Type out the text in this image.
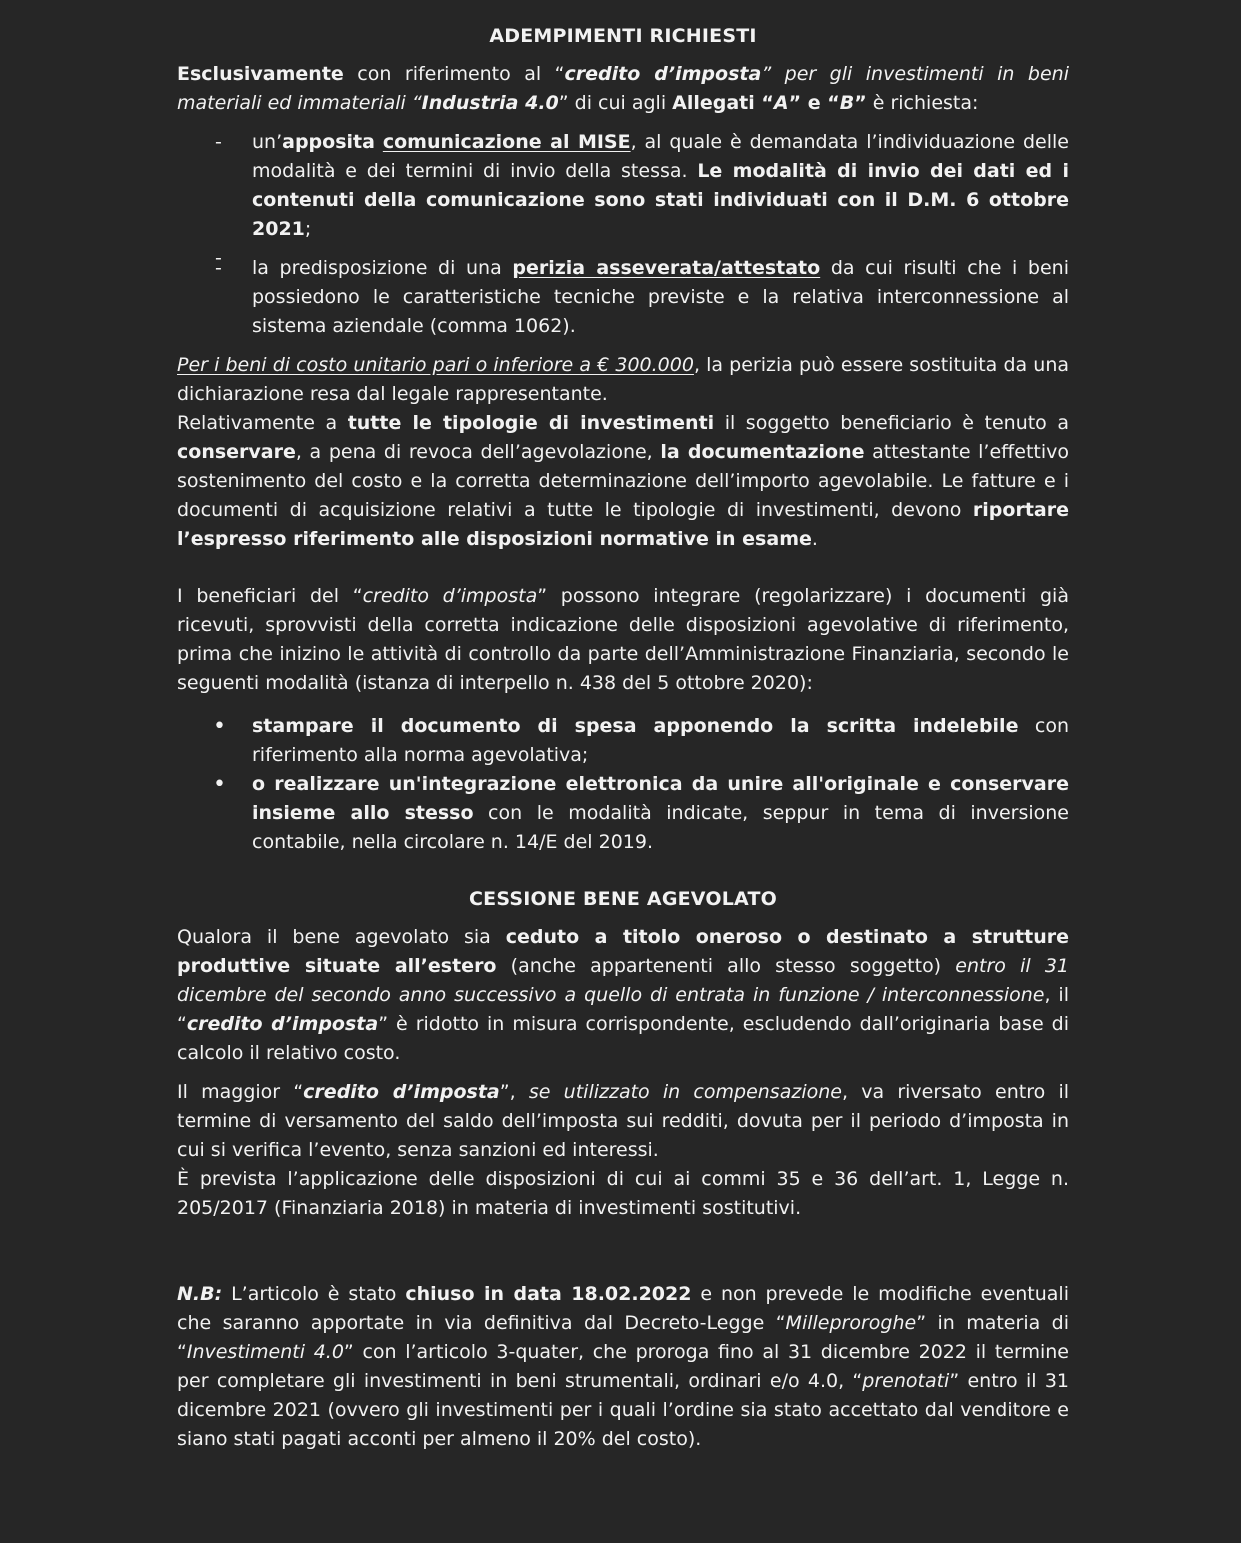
ADEMPIMENTI RICHIESTI

Esclusivamente con riferimento al “credito d’imposta” per gli investimenti in beni materiali ed immateriali “Industria 4.0” di cui agli Allegati “A” e “B” è richiesta:

- un’apposita comunicazione al MISE, al quale è demandata l’individuazione delle modalità e dei termini di invio della stessa. Le modalità di invio dei dati ed i contenuti della comunicazione sono stati individuati con il D.M. 6 ottobre 2021;
-
- la predisposizione di una perizia asseverata/attestato da cui risulti che i beni possiedono le caratteristiche tecniche previste e la relativa interconnessione al sistema aziendale (comma 1062).

Per i beni di costo unitario pari o inferiore a € 300.000, la perizia può essere sostituita da una dichiarazione resa dal legale rappresentante.

Relativamente a tutte le tipologie di investimenti il soggetto beneficiario è tenuto a conservare, a pena di revoca dell’agevolazione, la documentazione attestante l’effettivo sostenimento del costo e la corretta determinazione dell’importo agevolabile. Le fatture e i documenti di acquisizione relativi a tutte le tipologie di investimenti, devono riportare l’espresso riferimento alle disposizioni normative in esame.

I beneficiari del “credito d’imposta” possono integrare (regolarizzare) i documenti già ricevuti, sprovvisti della corretta indicazione delle disposizioni agevolative di riferimento, prima che inizino le attività di controllo da parte dell’Amministrazione Finanziaria, secondo le seguenti modalità (istanza di interpello n. 438 del 5 ottobre 2020):

• stampare il documento di spesa apponendo la scritta indelebile con riferimento alla norma agevolativa;
• o realizzare un'integrazione elettronica da unire all'originale e conservare insieme allo stesso con le modalità indicate, seppur in tema di inversione contabile, nella circolare n. 14/E del 2019.
CESSIONE BENE AGEVOLATO

Qualora il bene agevolato sia ceduto a titolo oneroso o destinato a strutture produttive situate all’estero (anche appartenenti allo stesso soggetto) entro il 31 dicembre del secondo anno successivo a quello di entrata in funzione / interconnessione, il “credito d’imposta” è ridotto in misura corrispondente, escludendo dall’originaria base di calcolo il relativo costo.

Il maggior “credito d’imposta”, se utilizzato in compensazione, va riversato entro il termine di versamento del saldo dell’imposta sui redditi, dovuta per il periodo d’imposta in cui si verifica l’evento, senza sanzioni ed interessi.

È prevista l’applicazione delle disposizioni di cui ai commi 35 e 36 dell’art. 1, Legge n. 205/2017 (Finanziaria 2018) in materia di investimenti sostitutivi.

N.B: L’articolo è stato chiuso in data 18.02.2022 e non prevede le modifiche eventuali che saranno apportate in via definitiva dal Decreto-Legge “Milleproroghe” in materia di “Investimenti 4.0” con l’articolo 3-quater, che proroga fino al 31 dicembre 2022 il termine per completare gli investimenti in beni strumentali, ordinari e/o 4.0, “prenotati” entro il 31 dicembre 2021 (ovvero gli investimenti per i quali l’ordine sia stato accettato dal venditore e siano stati pagati acconti per almeno il 20% del costo).
